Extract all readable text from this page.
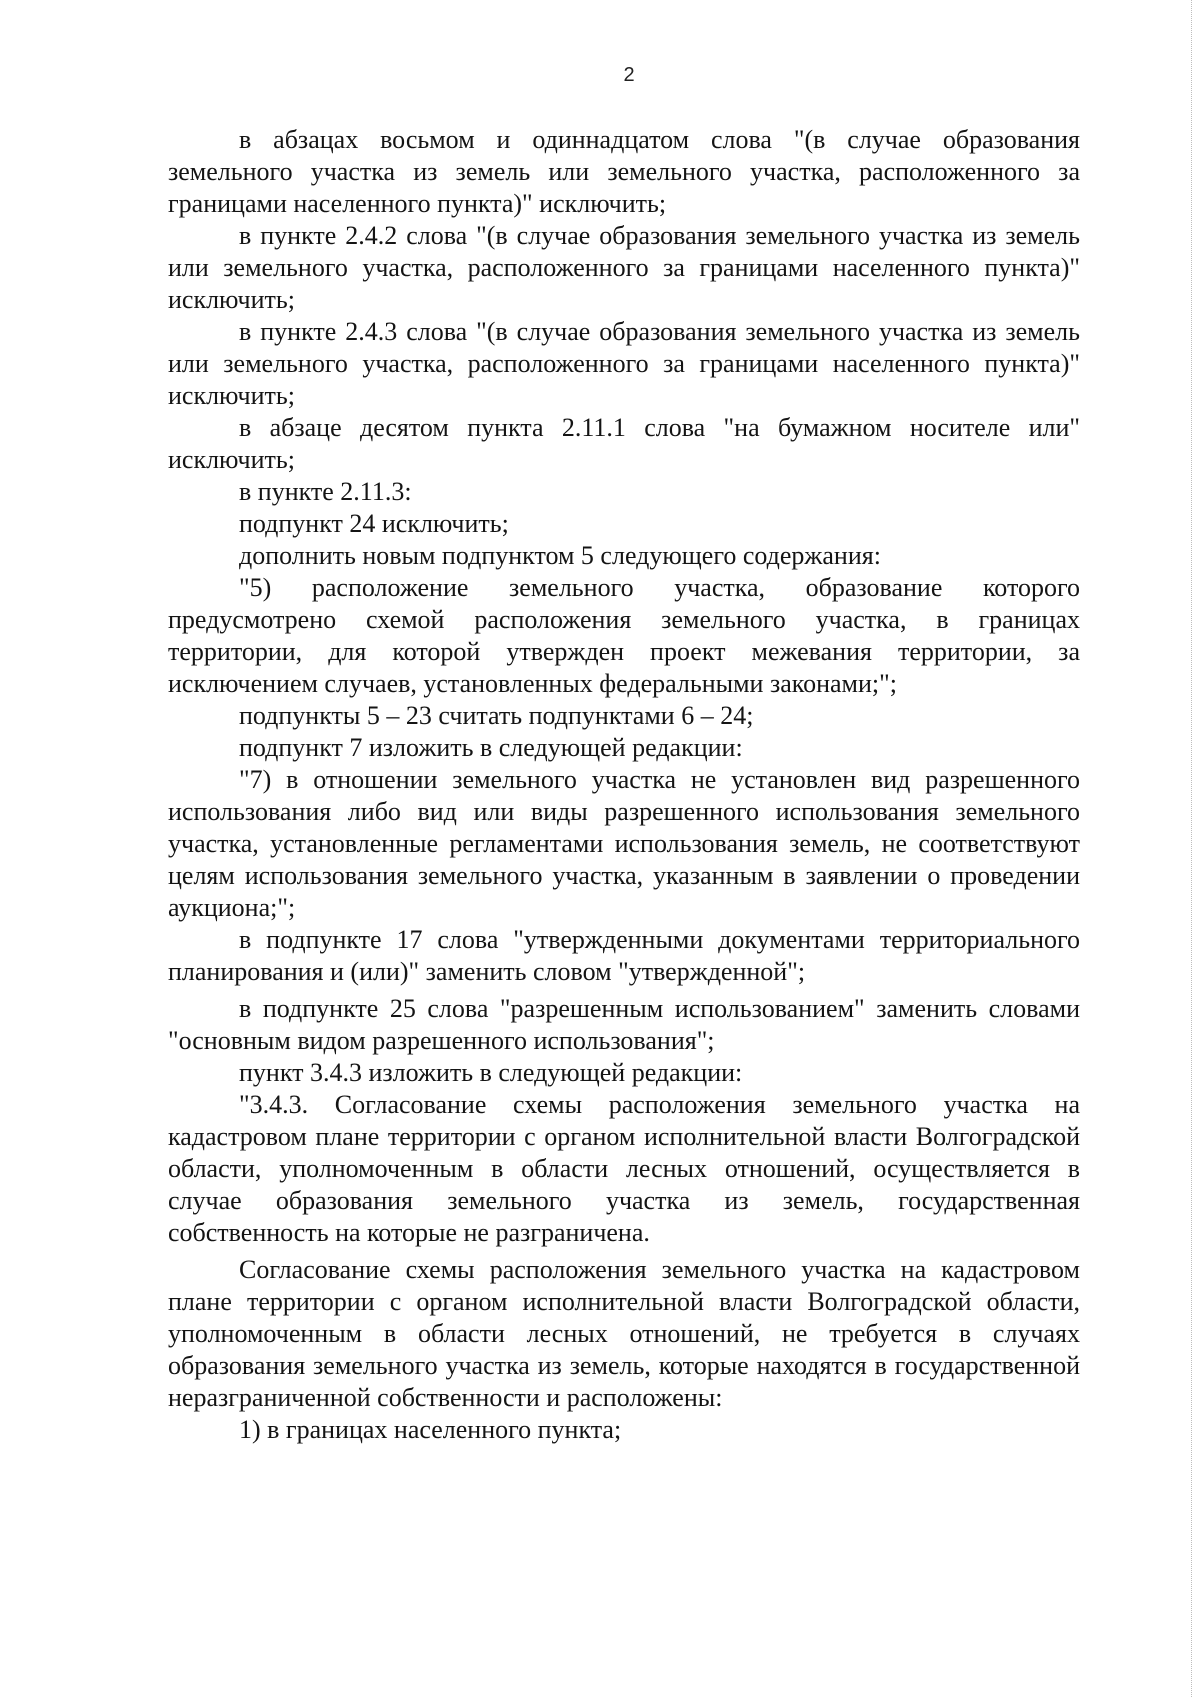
2

в абзацах восьмом и одиннадцатом слова "(в случае образования земельного участка из земель или земельного участка, расположенного за границами населенного пункта)" исключить;

в пункте 2.4.2 слова "(в случае образования земельного участка из земель или земельного участка, расположенного за границами населенного пункта)" исключить;

в пункте 2.4.3 слова "(в случае образования земельного участка из земель или земельного участка, расположенного за границами населенного пункта)" исключить;

в абзаце десятом пункта 2.11.1 слова "на бумажном носителе или" исключить;

в пункте 2.11.3:

подпункт 24 исключить;

дополнить новым подпунктом 5 следующего содержания:

"5) расположение земельного участка, образование которого предусмотрено схемой расположения земельного участка, в границах территории, для которой утвержден проект межевания территории, за исключением случаев, установленных федеральными законами;";

подпункты 5 – 23 считать подпунктами 6 – 24;

подпункт 7 изложить в следующей редакции:

"7) в отношении земельного участка не установлен вид разрешенного использования либо вид или виды разрешенного использования земельного участка, установленные регламентами использования земель, не соответствуют целям использования земельного участка, указанным в заявлении о проведении аукциона;";

в подпункте 17 слова "утвержденными документами территориального планирования и (или)" заменить словом "утвержденной";

в подпункте 25 слова "разрешенным использованием" заменить словами "основным видом разрешенного использования";

пункт 3.4.3 изложить в следующей редакции:

"3.4.3. Согласование схемы расположения земельного участка на кадастровом плане территории с органом исполнительной власти Волгоградской области, уполномоченным в области лесных отношений, осуществляется в случае образования земельного участка из земель, государственная собственность на которые не разграничена.

Согласование схемы расположения земельного участка на кадастровом плане территории с органом исполнительной власти Волгоградской области, уполномоченным в области лесных отношений, не требуется в случаях образования земельного участка из земель, которые находятся в государственной неразграниченной собственности и расположены:

1) в границах населенного пункта;
